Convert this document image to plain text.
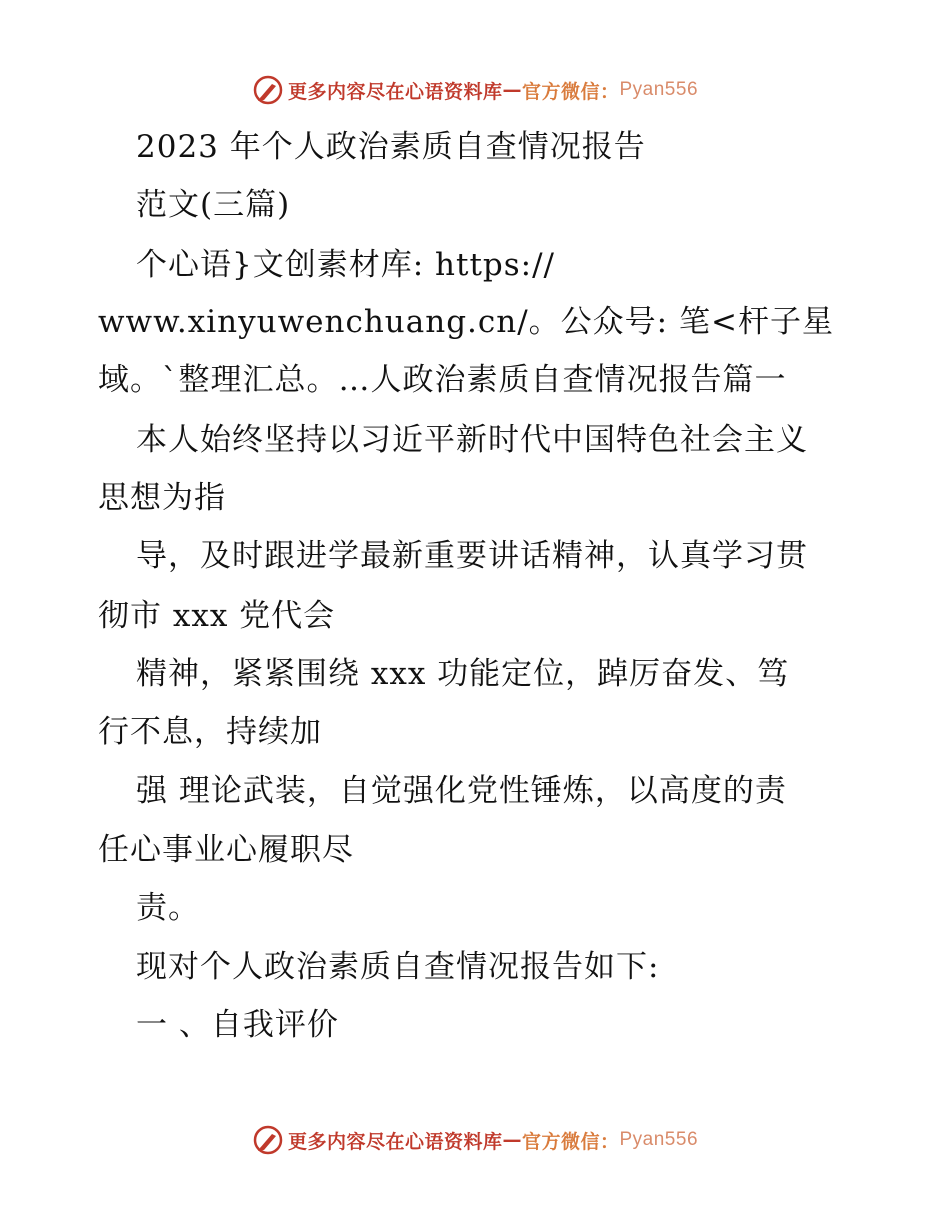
更多内容尽在心语资料库 — 官方微信： Pyan556
2023 年个人政治素质自查情况报告
范文(三篇)
个心语}文创素材库: https://
www.xinyuwenchuang.cn/。公众号: 笔<杆子星
域。`整理汇总。…人政治素质自查情况报告篇一
本人始终坚持以习近平新时代中国特色社会主义
思想为指
导，及时跟进学最新重要讲话精神，认真学习贯
彻市 xxx 党代会
精神，紧紧围绕 xxx 功能定位，踔厉奋发、笃
行不息，持续加
强 理论武装，自觉强化党性锤炼，以高度的责
任心事业心履职尽
责。
现对个人政治素质自查情况报告如下:
一 、自我评价
更多内容尽在心语资料库 — 官方微信： Pyan556
